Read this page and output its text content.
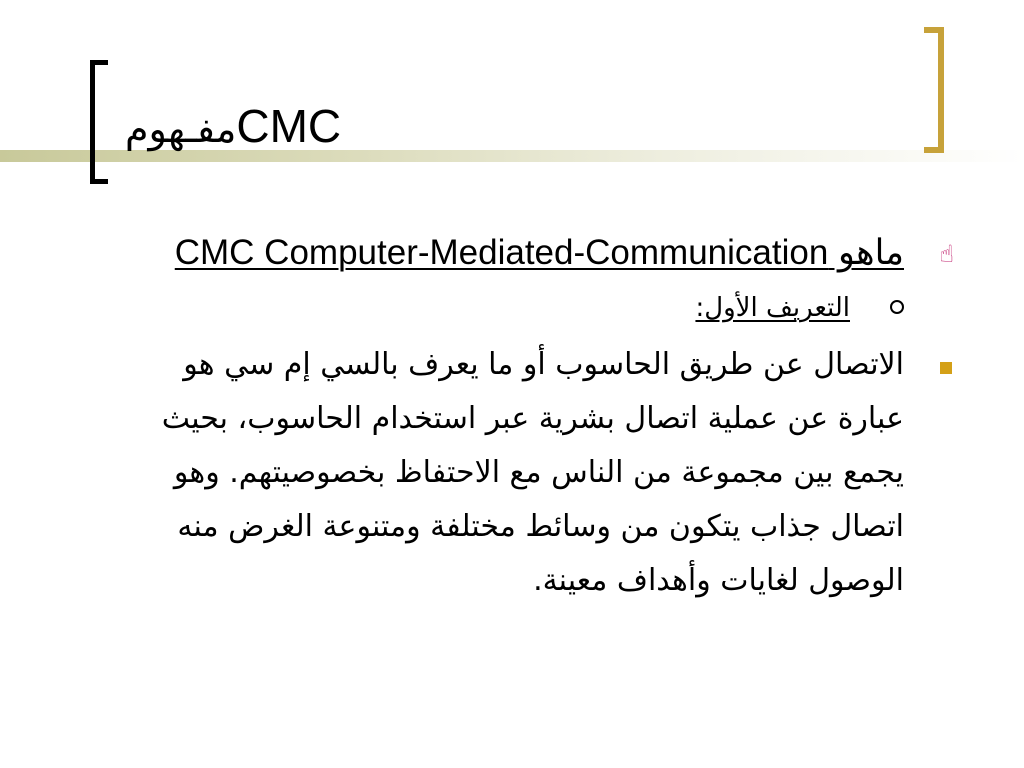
مفـهومCMC
☝
ماهو CMC Computer-Mediated-Communication
التعريف الأول:
الاتصال عن طريق الحاسوب أو ما يعرف بالسي إم سي هو عبارة عن عملية اتصال بشرية عبر استخدام الحاسوب، بحيث يجمع بين مجموعة من الناس مع الاحتفاظ بخصوصيتهم. وهو اتصال جذاب يتكون من وسائط مختلفة ومتنوعة الغرض منه الوصول لغايات وأهداف معينة.
